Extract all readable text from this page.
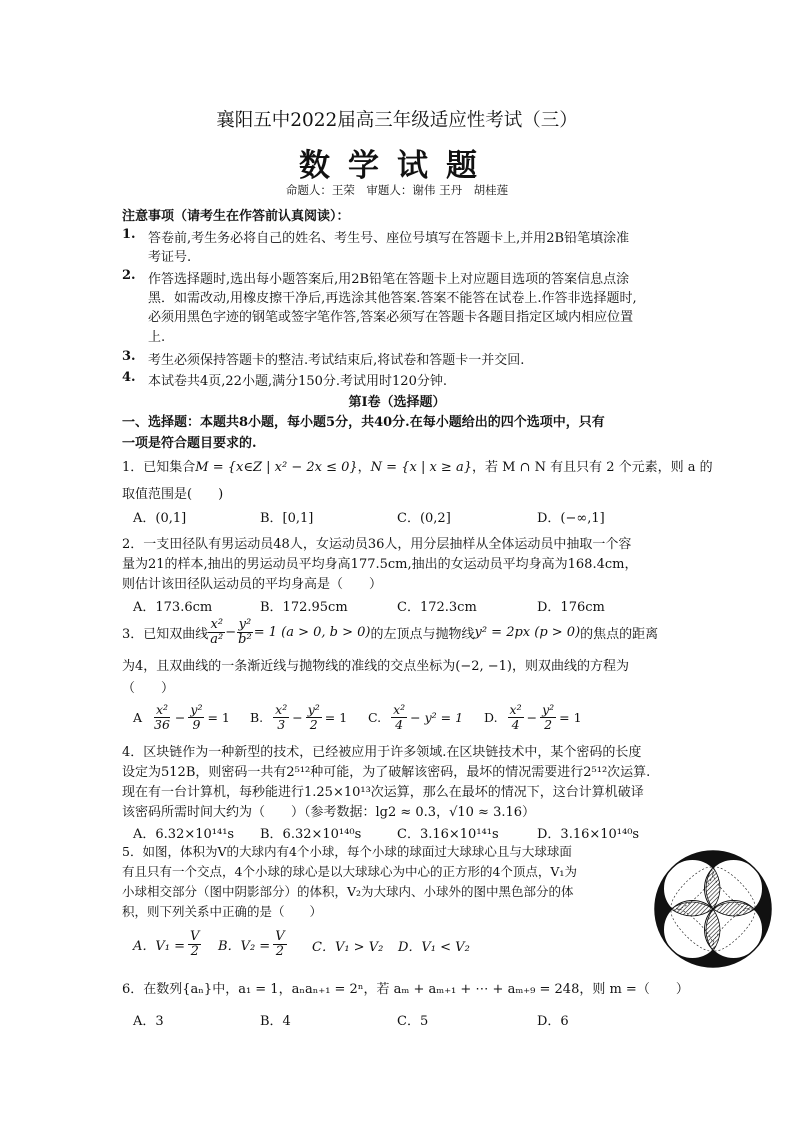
襄阳五中2022届高三年级适应性考试（三）
数学试题
命题人：王荣　审题人：谢伟 王丹　胡桂莲
注意事项（请考生在作答前认真阅读）：
1. 答卷前,考生务必将自己的姓名、考生号、座位号填写在答题卡上,并用2B铅笔填涂准
考证号.
2. 作答选择题时,选出每小题答案后,用2B铅笔在答题卡上对应题目选项的答案信息点涂
黑．如需改动,用橡皮擦干净后,再选涂其他答案.答案不能答在试卷上.作答非选择题时,
必须用黑色字迹的钢笔或签字笔作答,答案必须写在答题卡各题目指定区域内相应位置
上.
3. 考生必须保持答题卡的整洁.考试结束后,将试卷和答题卡一并交回.
4. 本试卷共4页,22小题,满分150分.考试用时120分钟.
第Ⅰ卷（选择题）
一、选择题：本题共8小题，每小题5分，共40分.在每小题给出的四个选项中，只有
一项是符合题目要求的.
1．已知集合M = {x∈Z | x² − 2x ≤ 0}，N = {x | x ≥ a}，若 M ∩ N 有且只有 2 个元素，则 a 的
取值范围是(　　)
A．(0,1]	B．[0,1]	C．(0,2]	D．(−∞,1]
2．一支田径队有男运动员48人，女运动员36人，用分层抽样从全体运动员中抽取一个容
量为21的样本,抽出的男运动员平均身高177.5cm,抽出的女运动员平均身高为168.4cm，
则估计该田径队运动员的平均身高是（　　）
A．173.6cm	B．172.95cm	C．172.3cm	D．176cm
3．已知双曲线 $\frac{\text{x²}}{\text{a²}} - \frac{\text{y²}}{\text{b²}} = 1$ (a > 0, b > 0) 的左顶点与抛物线 y² = 2px (p > 0) 的焦点的距离
为4，且双曲线的一条渐近线与抛物线的准线的交点坐标为(−2, −1)，则双曲线的方程为
（　　）
A
$\frac{\text{x²}}{36} - \frac{\text{y²}}{9} = 1$ B.
$\frac{\text{x²}}{3} - \frac{\text{y²}}{2} = 1$ C.
$\frac{\text{x²}}{4} - y^2 = 1$ D.
$\frac{\text{x²}}{4} - \frac{\text{y²}}{2} = 1$
4．区块链作为一种新型的技术，已经被应用于许多领域.在区块链技术中，某个密码的长度
设定为512B，则密码一共有2⁵¹²种可能，为了破解该密码，最坏的情况需要进行2⁵¹²次运算.
现在有一台计算机，每秒能进行1.25×10¹³次运算，那么在最坏的情况下，这台计算机破译
该密码所需时间大约为（　　）（参考数据：lg2 ≈ 0.3，√10 ≈ 3.16）
A．6.32×10¹⁴¹s B．6.32×10¹⁴⁰s	C．3.16×10¹⁴¹s	D．3.16×10¹⁴⁰s
5．如图，体积为V的大球内有4个小球，每个小球的球面过大球球心且与大球球面
有且只有一个交点，4个小球的球心是以大球球心为中心的正方形的4个顶点，V₁为
小球相交部分（图中阴影部分）的体积，V₂为大球内、小球外的图中黑色部分的体
积，则下列关系中正确的是（　　）
A．$V_1 = \frac{V}{2}$ B．$V_2 = \frac{V}{2}$ C．V₁ > V₂ D．V₁ < V₂
6．在数列{aₙ}中，a₁ = 1，aₙaₙ₊₁ = 2ⁿ，若 aₘ + aₘ₊₁ + ⋯ + aₘ₊₉ = 248，则 m =（　　）
A．3	B．4	C．5	D．6
